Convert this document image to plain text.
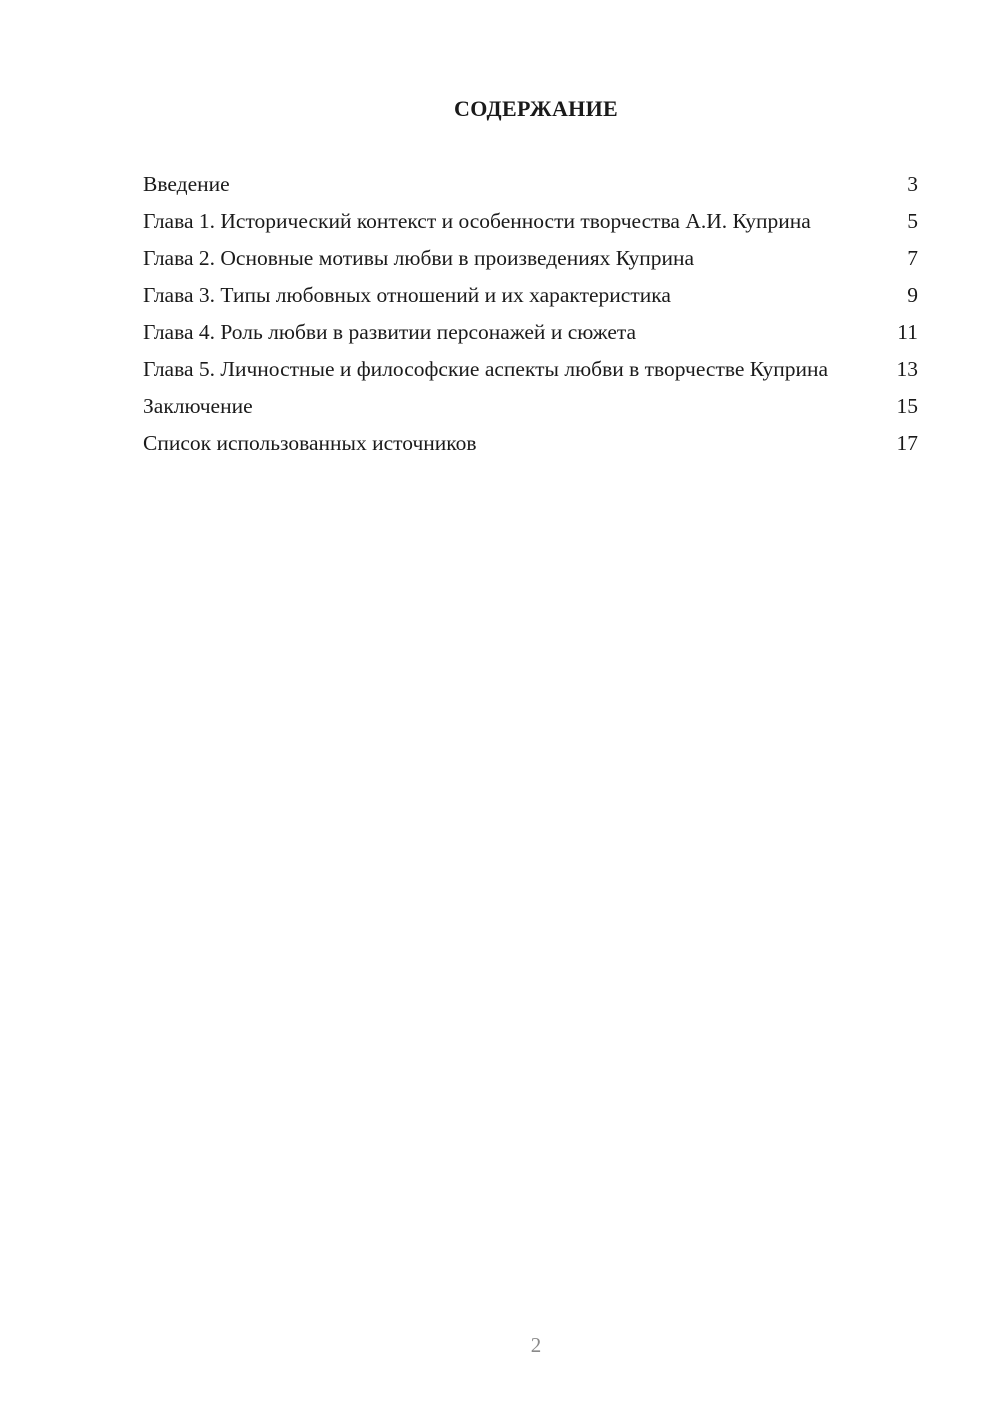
СОДЕРЖАНИЕ
Введение	3
Глава 1. Исторический контекст и особенности творчества А.И. Куприна	5
Глава 2. Основные мотивы любви в произведениях Куприна	7
Глава 3. Типы любовных отношений и их характеристика	9
Глава 4. Роль любви в развитии персонажей и сюжета	11
Глава 5. Личностные и философские аспекты любви в творчестве Куприна	13
Заключение	15
Список использованных источников	17
2
